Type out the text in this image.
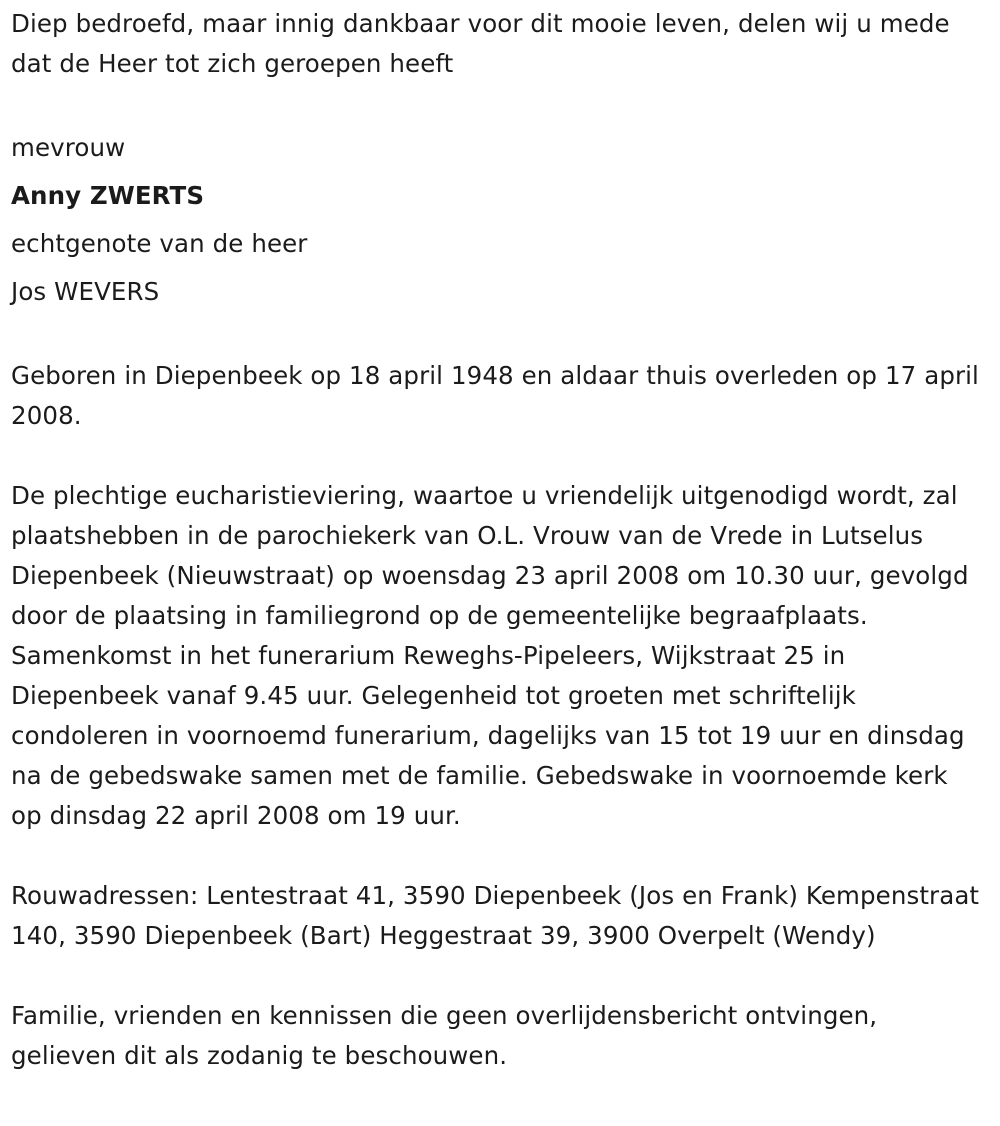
Diep bedroefd, maar innig dankbaar voor dit mooie leven, delen wij u mede dat de Heer tot zich geroepen heeft

mevrouw
Anny ZWERTS
echtgenote van de heer
Jos WEVERS

Geboren in Diepenbeek op 18 april 1948 en aldaar thuis overleden op 17 april 2008.

De plechtige eucharistieviering, waartoe u vriendelijk uitgenodigd wordt, zal plaatshebben in de parochiekerk van O.L. Vrouw van de Vrede in Lutselus Diepenbeek (Nieuwstraat) op woensdag 23 april 2008 om 10.30 uur, gevolgd door de plaatsing in familiegrond op de gemeentelijke begraafplaats. Samenkomst in het funerarium Reweghs-Pipeleers, Wijkstraat 25 in Diepenbeek vanaf 9.45 uur. Gelegenheid tot groeten met schriftelijk condoleren in voornoemd funerarium, dagelijks van 15 tot 19 uur en dinsdag na de gebedswake samen met de familie. Gebedswake in voornoemde kerk op dinsdag 22 april 2008 om 19 uur.

Rouwadressen: Lentestraat 41, 3590 Diepenbeek (Jos en Frank) Kempenstraat 140, 3590 Diepenbeek (Bart) Heggestraat 39, 3900 Overpelt (Wendy)

Familie, vrienden en kennissen die geen overlijdensbericht ontvingen, gelieven dit als zodanig te beschouwen.
